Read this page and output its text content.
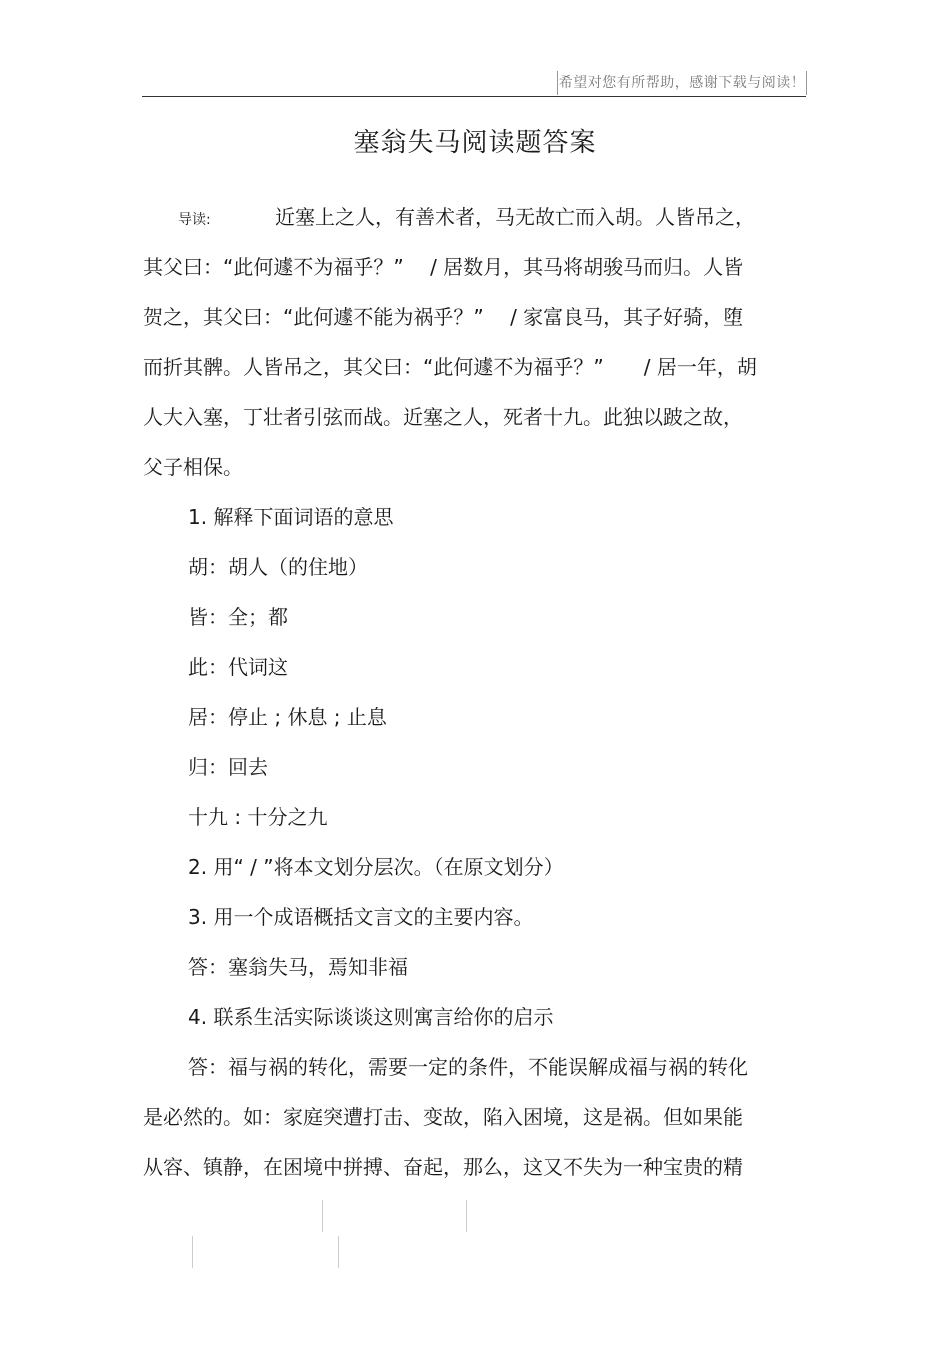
希望对您有所帮助，感谢下载与阅读！
塞翁失马阅读题答案
导读:	近塞上之人，有善术者，马无故亡而入胡。人皆吊之，
其父曰：“此何遽不为福乎？”　 / 居数月，其马将胡骏马而归。人皆
贺之，其父曰：“此何遽不能为祸乎？”　 / 家富良马，其子好骑，堕
而折其髀。人皆吊之，其父曰：“此何遽不为福乎？”　　/ 居一年，胡
人大入塞，丁壮者引弦而战。近塞之人，死者十九。此独以跛之故，
父子相保。
1. 解释下面词语的意思
胡：胡人（的住地）
皆：全；都
此：代词这
居：停止 ; 休息 ; 止息
归：回去
十九 : 十分之九
2. 用“ / ”将本文划分层次。（在原文划分）
3. 用一个成语概括文言文的主要内容。
答：塞翁失马，焉知非福
4. 联系生活实际谈谈这则寓言给你的启示
答：福与祸的转化，需要一定的条件，不能误解成福与祸的转化
是必然的。如：家庭突遭打击、变故，陷入困境，这是祸。但如果能
从容、镇静，在困境中拼搏、奋起，那么，这又不失为一种宝贵的精
